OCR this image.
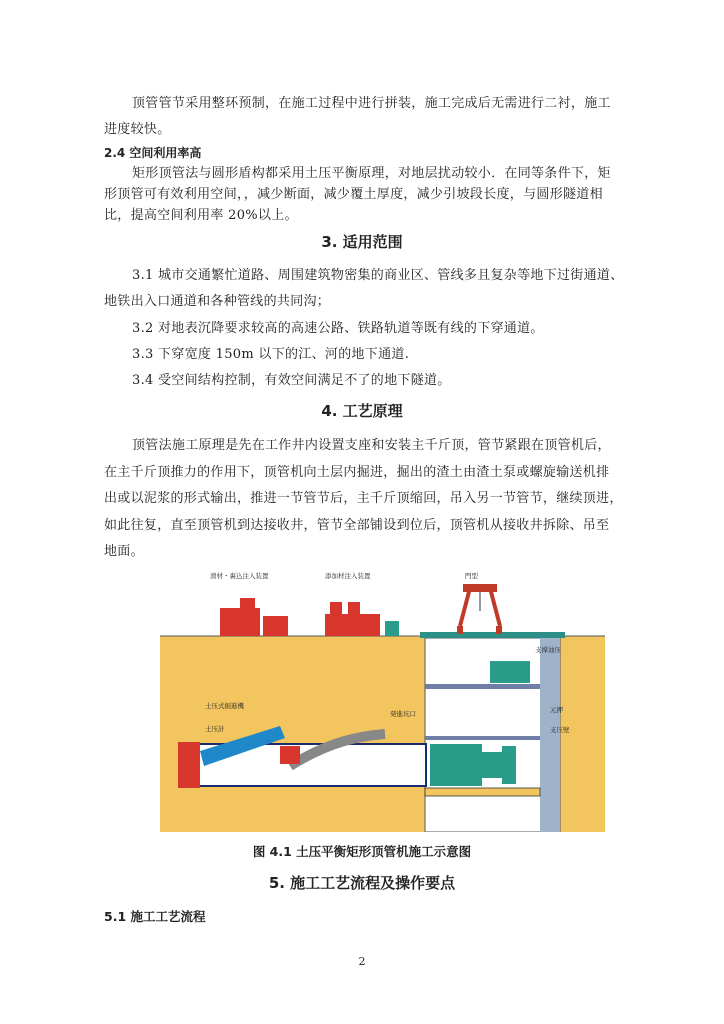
顶管管节采用整环预制，在施工过程中进行拼装，施工完成后无需进行二衬，施工
进度较快。
2.4 空间利用率高
矩形顶管法与圆形盾构都采用土压平衡原理，对地层扰动较小．在同等条件下，矩
形顶管可有效利用空间，，减少断面，减少覆土厚度，减少引坡段长度，与圆形隧道相
比，提高空间利用率 20%以上。
3. 适用范围
3.1 城市交通繁忙道路、周围建筑物密集的商业区、管线多且复杂等地下过街通道、
地铁出入口通道和各种管线的共同沟；
3.2 对地表沉降要求较高的高速公路、铁路轨道等既有线的下穿通道。
3.3 下穿宽度 150m 以下的江、河的地下通道.
3.4 受空间结构控制，有效空间满足不了的地下隧道。
4. 工艺原理
顶管法施工原理是先在工作井内设置支座和安装主千斤顶，管节紧跟在顶管机后，
在主千斤顶推力的作用下，顶管机向土层内掘进，掘出的渣土由渣土泵或螺旋输送机排
出或以泥浆的形式输出，推进一节管节后，主千斤顶缩回，吊入另一节管节，继续顶进，
如此往复，直至顶管机到达接收井，管节全部铺设到位后，顶管机从接收井拆除、吊至
地面。
滑材・裏込注入装置	添加材注入装置	門型
支撑油压
土压式掘進機
土压計
発進坑口	元押
支压壁
图 4.1 土压平衡矩形顶管机施工示意图
5. 施工工艺流程及操作要点
5.1 施工工艺流程
2
